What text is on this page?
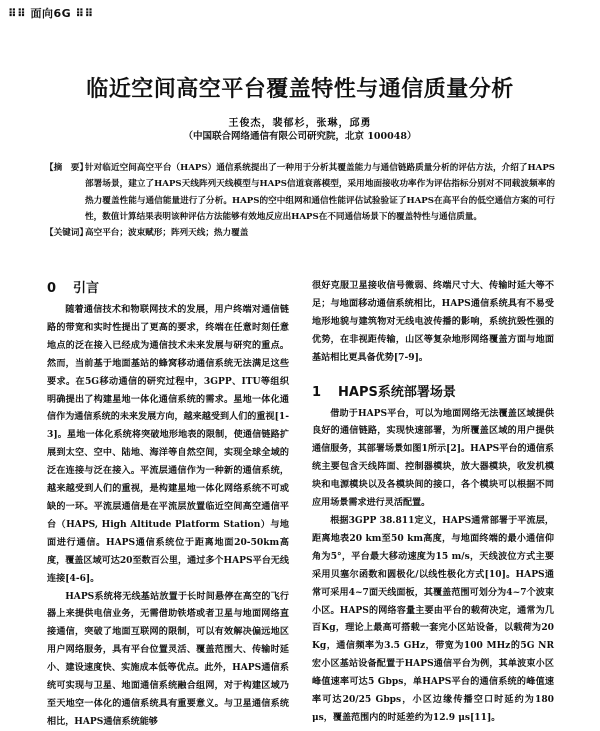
⠿⠿ 面向6G ⠿⠿
临近空间高空平台覆盖特性与通信质量分析
王俊杰，裴郁杉，张琳，邱勇
（中国联合网络通信有限公司研究院，北京 100048）
【摘　要】
针对临近空间高空平台（HAPS）通信系统提出了一种用于分析其覆盖能力与通信链路质量分析的评估方法，介绍了HAPS部署场景，建立了HAPS天线阵列天线模型与HAPS信道衰落模型，采用地面接收功率作为评估指标分别对不同载波频率的热力覆盖性能与通信能量进行了分析。HAPS的空中组网和通信性能评估试验验证了HAPS在高平台的低空通信方案的可行性，数值计算结果表明该种评估方法能够有效地反应出HAPS在不同通信场景下的覆盖特性与通信质量。
【关键词】
高空平台；波束赋形；阵列天线；热力覆盖
0 引言

随着通信技术和物联网技术的发展，用户终端对通信链路的带宽和实时性提出了更高的要求，终端在任意时刻任意地点的泛在接入已经成为通信技术未来发展与研究的重点。然而，当前基于地面基站的蜂窝移动通信系统无法满足这些要求。在5G移动通信的研究过程中，3GPP、ITU等组织明确提出了构建星地一体化通信系统的需求。星地一体化通信作为通信系统的未来发展方向，越来越受到人们的重视[1-3]。星地一体化系统将突破地形地表的限制，使通信链路扩展到太空、空中、陆地、海洋等自然空间，实现全球全域的泛在连接与泛在接入。平流层通信作为一种新的通信系统，越来越受到人们的重视，是构建星地一体化网络系统不可或缺的一环。平流层通信是在平流层放置临近空间高空通信平台（HAPS, High Altitude Platform Station）与地面进行通信。HAPS通信系统位于距离地面20-50km高度，覆盖区域可达20至数百公里，通过多个HAPS平台无线连接[4-6]。

HAPS系统将无线基站放置于长时间悬停在高空的飞行器上来提供电信业务，无需借助铁塔或者卫星与地面网络直接通信，突破了地面互联网的限制，可以有效解决偏远地区用户网络服务，具有平台位置灵活、覆盖范围大、传输时延小、建设速度快、实施成本低等优点。此外，HAPS通信系统可实现与卫星、地面通信系统融合组网，对于构建区域乃至天地空一体化的通信系统具有重要意义。与卫星通信系统相比，HAPS通信系统能够

很好克服卫星接收信号微弱、终端尺寸大、传输时延大等不足；与地面移动通信系统相比，HAPS通信系统具有不易受地形地貌与建筑物对无线电波传播的影响，系统抗毁性强的优势，在非视距传输，山区等复杂地形网络覆盖方面与地面基站相比更具备优势[7-9]。

1 HAPS系统部署场景

借助于HAPS平台，可以为地面网络无法覆盖区域提供良好的通信链路，实现快速部署，为所覆盖区域的用户提供通信服务，其部署场景如图1所示[2]。HAPS平台的通信系统主要包含天线阵面、控制器模块，放大器模块，收发机模块和电源模块以及各模块间的接口，各个模块可以根据不同应用场景需求进行灵活配置。

根据3GPP 38.811定义，HAPS通常部署于平流层，距离地表20 km至50 km高度，与地面终端的最小通信仰角为5°，平台最大移动速度为15 m/s，天线波位方式主要采用贝塞尔函数和圆极化/以线性极化方式[10]。HAPS通常可采用4~7面天线面板，其覆盖范围可划分为4~7个波束小区。HAPS的网络容量主要由平台的载荷决定，通常为几百Kg，理论上最高可搭载一套完小区站设备，以载荷为20 Kg，通信频率为3.5 GHz，带宽为100 MHz的5G NR宏小区基站设备配置于HAPS通信平台为例，其单波束小区峰值速率可达5 Gbps，单HAPS平台的通信系统的峰值速率可达20/25 Gbps，小区边缘传播空口时延约为180 μs，覆盖范围内的时延差约为12.9 μs[11]。
